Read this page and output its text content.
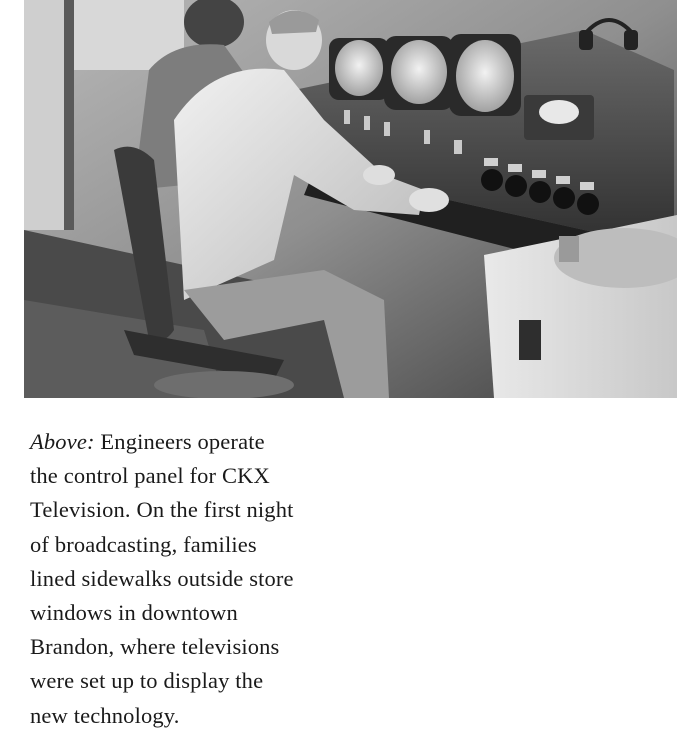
Above: Engineers operate
the control panel for CKX
Television. On the first night
of broadcasting, families
lined sidewalks outside store
windows in downtown
Brandon, where televisions
were set up to display the
new technology.
